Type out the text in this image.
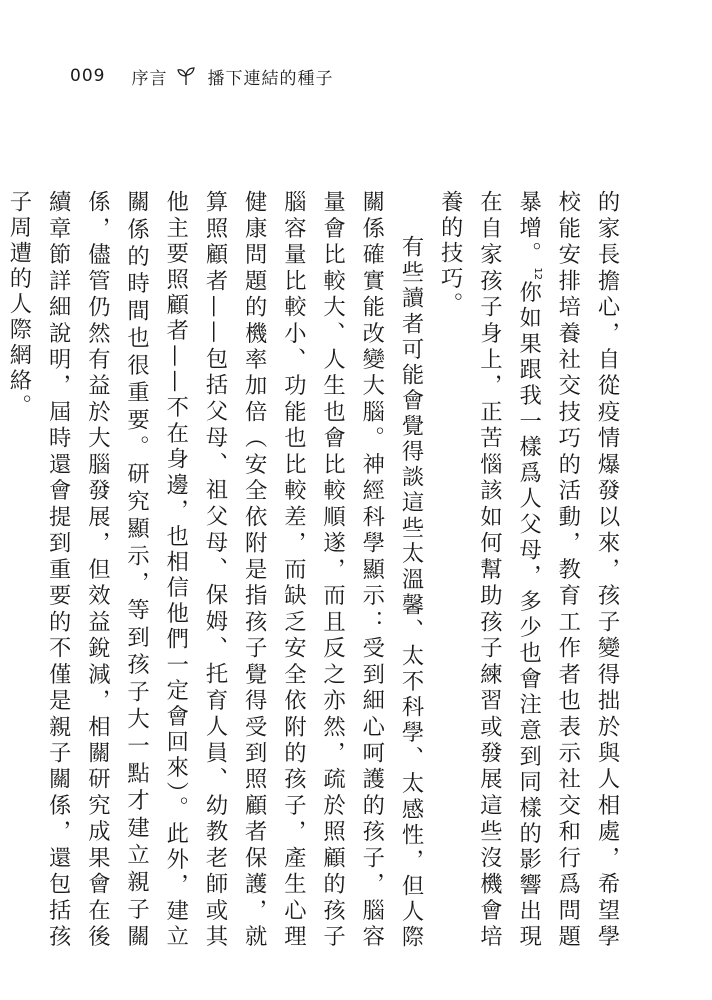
009 序言 播下連結的種子

的家長擔心，自從疫情爆發以來，孩子變得拙於與人相處，希望學校能安排培養社交技巧的活動，教育工作者也表示社交和行爲問題暴增。$^{12}$你如果跟我一樣爲人父母，多少也會注意到同樣的影響出現在自家孩子身上，正苦惱該如何幫助孩子練習或發展這些沒機會培養的技巧。

有些讀者可能會覺得談這些太溫馨、太不科學、太感性，但人際關係確實能改變大腦。神經科學顯示：受到細心呵護的孩子，腦容量會比較大、人生也會比較順遂，而且反之亦然，疏於照顧的孩子腦容量比較小、功能也比較差，而缺乏安全依附的孩子，產生心理健康問題的機率加倍（安全依附是指孩子覺得受到照顧者保護，就算照顧者——包括父母、祖父母、保姆、托育人員、幼教老師或其他主要照顧者——不在身邊，也相信他們一定會回來）。此外，建立關係的時間也很重要。研究顯示，等到孩子大一點才建立親子關係，儘管仍然有益於大腦發展，但效益銳減，相關研究成果會在後續章節詳細說明，屆時還會提到重要的不僅是親子關係，還包括孩子周遭的人際網絡。
